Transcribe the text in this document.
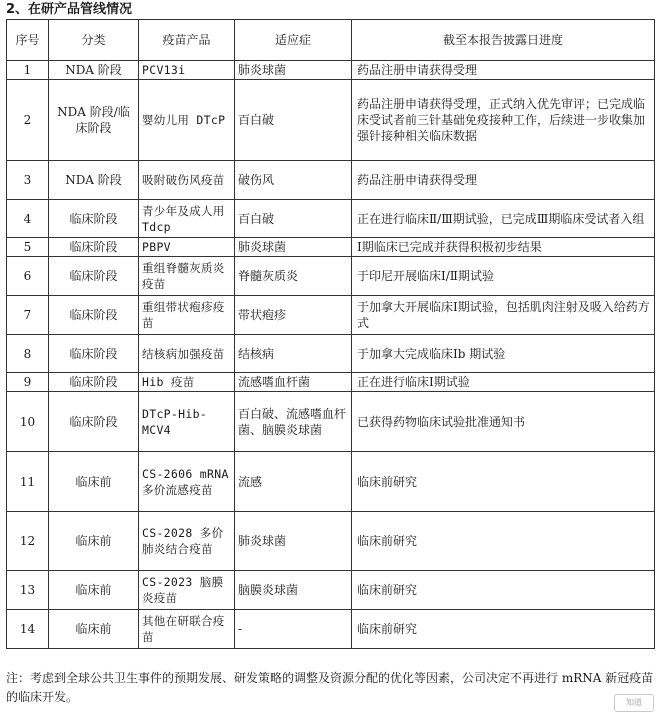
2、在研产品管线情况
序号	分类	疫苗产品	适应症	截至本报告披露日进度
1	NDA 阶段	PCV13i	肺炎球菌	药品注册申请获得受理
2	NDA 阶段/临床阶段	婴幼儿用 DTcP	百白破	药品注册申请获得受理，正式纳入优先审评；已完成临床受试者前三针基础免疫接种工作，后续进一步收集加强针接种相关临床数据
3	NDA 阶段	吸附破伤风疫苗	破伤风	药品注册申请获得受理
4	临床阶段	青少年及成人用 Tdcp	百白破	正在进行临床Ⅱ/Ⅲ期试验，已完成Ⅲ期临床受试者入组
5	临床阶段	PBPV	肺炎球菌	Ⅰ期临床已完成并获得积极初步结果
6	临床阶段	重组脊髓灰质炎疫苗	脊髓灰质炎	于印尼开展临床Ⅰ/Ⅱ期试验
7	临床阶段	重组带状疱疹疫苗	带状疱疹	于加拿大开展临床Ⅰ期试验，包括肌肉注射及吸入给药方式
8	临床阶段	结核病加强疫苗	结核病	于加拿大完成临床Ⅰb 期试验
9	临床阶段	Hib 疫苗	流感嗜血杆菌	正在进行临床Ⅰ期试验
10	临床阶段	DTcP-Hib-MCV4	百白破、流感嗜血杆菌、脑膜炎球菌	已获得药物临床试验批准通知书
11	临床前	CS-2606 mRNA 多价流感疫苗	流感	临床前研究
12	临床前	CS-2028 多价肺炎结合疫苗	肺炎球菌	临床前研究
13	临床前	CS-2023 脑膜炎疫苗	脑膜炎球菌	临床前研究
14	临床前	其他在研联合疫苗	-	临床前研究
注：考虑到全球公共卫生事件的预期发展、研发策略的调整及资源分配的优化等因素，公司决定不再进行 mRNA 新冠疫苗的临床开发。	知道
